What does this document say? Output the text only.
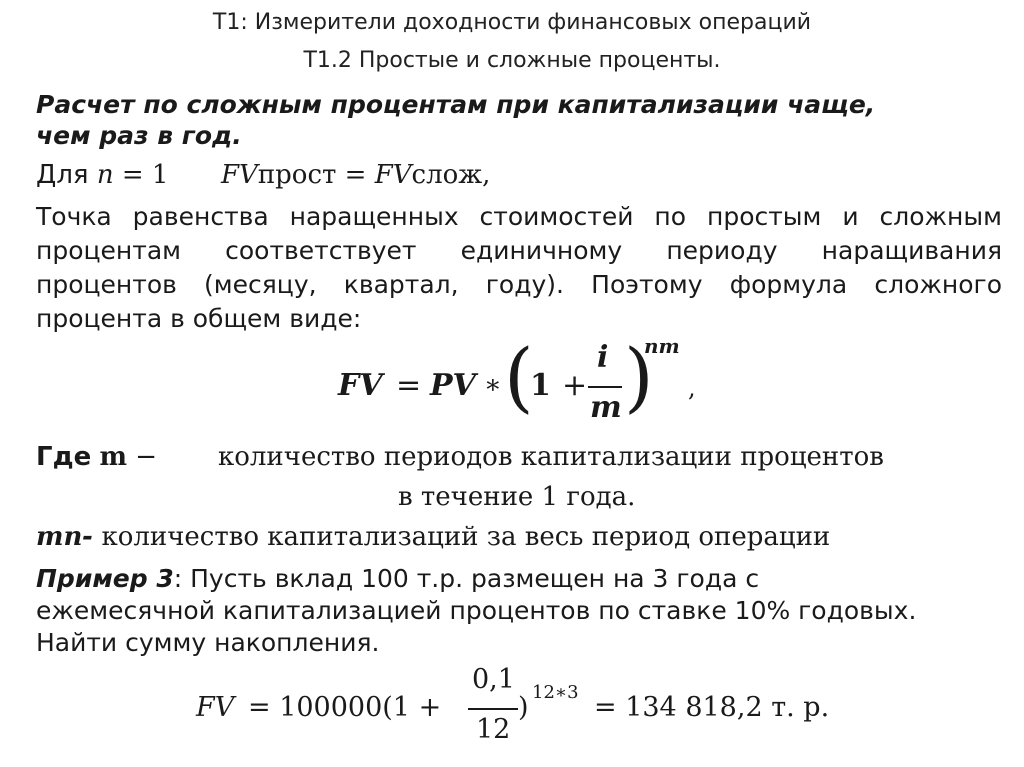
Т1: Измерители доходности финансовых операций
Т1.2 Простые и сложные проценты.
Расчет по сложным процентам при капитализации чаще,
чем раз в год.
Для n = 1 FVпрост = FVслож,
Точка равенства наращенных стоимостей по простым и сложным
процентам соответствует единичному периоду наращивания
процентов (месяцу, квартал, году). Поэтому формула сложного
процента в общем виде:
FV = PV ∗ (
1 +
i
m )
nm
,
Где m − количество периодов капитализации процентов
в течение 1 года.
mn- количество капитализаций за весь период операции
Пример 3: Пусть вклад 100 т.р. размещен на 3 года с
ежемесячной капитализацией процентов по ставке 10% годовых.
Найти сумму накопления.
FV = 100000(1 +
0,1
12
) 12∗3 = 134 818,2 т. р.
